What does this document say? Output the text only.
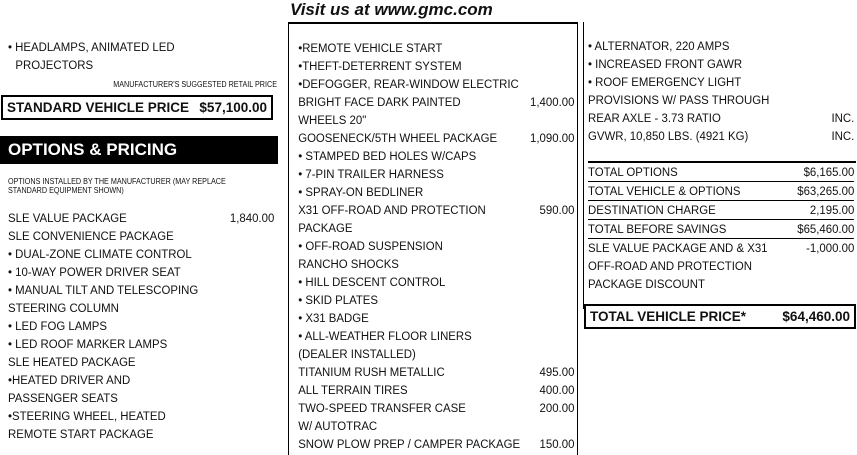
Visit us at www.gmc.com
• HEADLAMPS, ANIMATED LED
PROJECTORS
MANUFACTURER'S SUGGESTED RETAIL PRICE
STANDARD VEHICLE PRICE $57,100.00
OPTIONS & PRICING
OPTIONS INSTALLED BY THE MANUFACTURER (MAY REPLACE
STANDARD EQUIPMENT SHOWN)
SLE VALUE PACKAGE	1,840.00
SLE CONVENIENCE PACKAGE
• DUAL-ZONE CLIMATE CONTROL
• 10-WAY POWER DRIVER SEAT
• MANUAL TILT AND TELESCOPING
STEERING COLUMN
• LED FOG LAMPS
• LED ROOF MARKER LAMPS
SLE HEATED PACKAGE
•HEATED DRIVER AND
PASSENGER SEATS
•STEERING WHEEL, HEATED
REMOTE START PACKAGE
•REMOTE VEHICLE START
•THEFT-DETERRENT SYSTEM
•DEFOGGER, REAR-WINDOW ELECTRIC
BRIGHT FACE DARK PAINTED	1,400.00
WHEELS 20"
GOOSENECK/5TH WHEEL PACKAGE	1,090.00
• STAMPED BED HOLES W/CAPS
• 7-PIN TRAILER HARNESS
• SPRAY-ON BEDLINER
X31 OFF-ROAD AND PROTECTION	590.00
PACKAGE
• OFF-ROAD SUSPENSION
RANCHO SHOCKS
• HILL DESCENT CONTROL
• SKID PLATES
• X31 BADGE
• ALL-WEATHER FLOOR LINERS
(DEALER INSTALLED)
TITANIUM RUSH METALLIC	495.00
ALL TERRAIN TIRES	400.00
TWO-SPEED TRANSFER CASE	200.00
W/ AUTOTRAC
SNOW PLOW PREP / CAMPER PACKAGE 150.00
• ALTERNATOR, 220 AMPS
• INCREASED FRONT GAWR
• ROOF EMERGENCY LIGHT
PROVISIONS W/ PASS THROUGH
REAR AXLE - 3.73 RATIO	INC.
GVWR, 10,850 LBS. (4921 KG)	INC.
TOTAL OPTIONS	$6,165.00
TOTAL VEHICLE & OPTIONS	$63,265.00
DESTINATION CHARGE	2,195.00
TOTAL BEFORE SAVINGS	$65,460.00
SLE VALUE PACKAGE AND & X31	-1,000.00
OFF-ROAD AND PROTECTION
PACKAGE DISCOUNT
TOTAL VEHICLE PRICE*	$64,460.00
